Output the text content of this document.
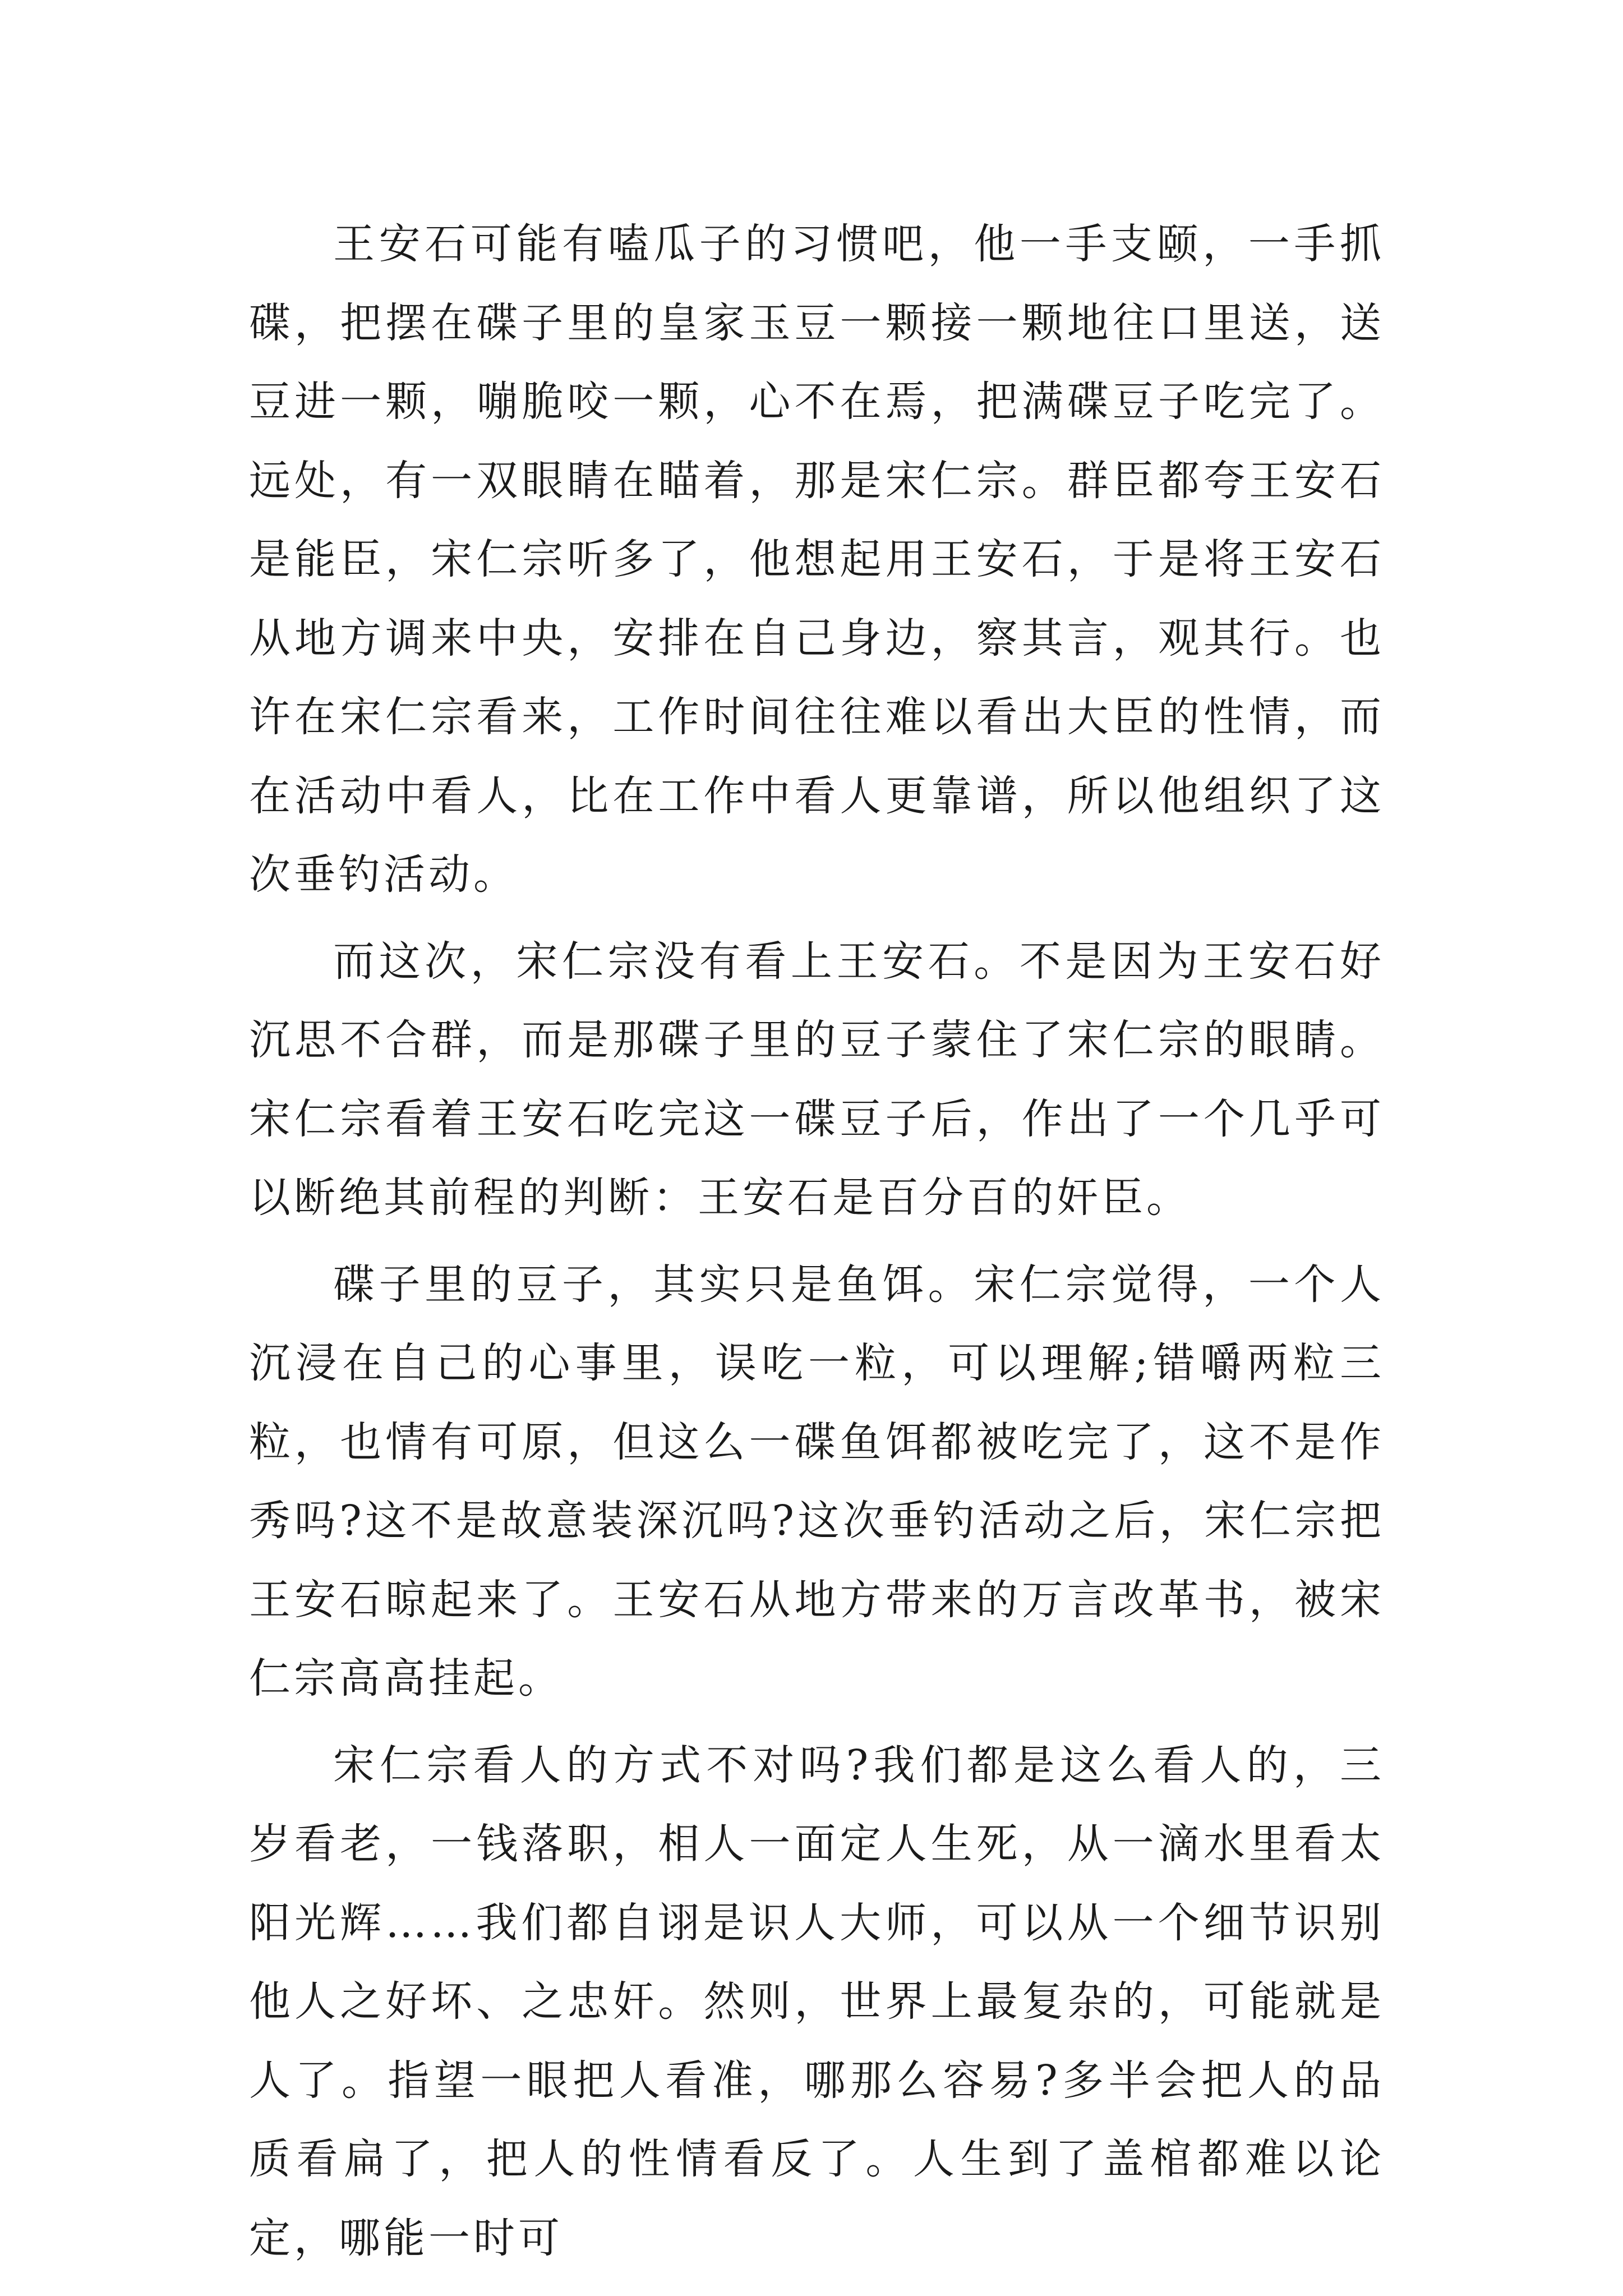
王安石可能有嗑瓜子的习惯吧，他一手支颐，一手抓碟，把摆在碟子里的皇家玉豆一颗接一颗地往口里送，送豆进一颗，嘣脆咬一颗，心不在焉，把满碟豆子吃完了。远处，有一双眼睛在瞄着，那是宋仁宗。群臣都夸王安石是能臣，宋仁宗听多了，他想起用王安石，于是将王安石从地方调来中央，安排在自己身边，察其言，观其行。也许在宋仁宗看来，工作时间往往难以看出大臣的性情，而在活动中看人，比在工作中看人更靠谱，所以他组织了这次垂钓活动。

而这次，宋仁宗没有看上王安石。不是因为王安石好沉思不合群，而是那碟子里的豆子蒙住了宋仁宗的眼睛。宋仁宗看着王安石吃完这一碟豆子后，作出了一个几乎可以断绝其前程的判断：王安石是百分百的奸臣。

碟子里的豆子，其实只是鱼饵。宋仁宗觉得，一个人沉浸在自己的心事里，误吃一粒，可以理解;错嚼两粒三粒，也情有可原，但这么一碟鱼饵都被吃完了，这不是作秀吗?这不是故意装深沉吗?这次垂钓活动之后，宋仁宗把王安石晾起来了。王安石从地方带来的万言改革书，被宋仁宗高高挂起。

宋仁宗看人的方式不对吗?我们都是这么看人的，三岁看老，一钱落职，相人一面定人生死，从一滴水里看太阳光辉……我们都自诩是识人大师，可以从一个细节识别他人之好坏、之忠奸。然则，世界上最复杂的，可能就是人了。指望一眼把人看准，哪那么容易?多半会把人的品质看扁了，把人的性情看反了。人生到了盖棺都难以论定，哪能一时可
